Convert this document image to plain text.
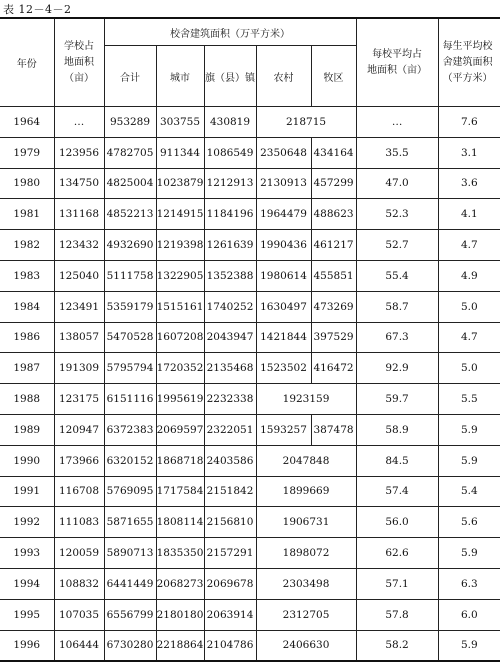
表 12－4－2
年份	学校占
地面积
（亩）	校舍建筑面积（万平方米）					每校平均占
地面积（亩）	每生平均校
舍建筑面积
（平方米）

		合计	城市	旗（县）镇	农村	牧区		
1964	…	953289	303755	430819	218715		…	7.6
1979	123956	4782705	911344	1086549	2350648	434164	35.5	3.1
1980	134750	4825004	1023879	1212913	2130913	457299	47.0	3.6
1981	131168	4852213	1214915	1184196	1964479	488623	52.3	4.1
1982	123432	4932690	1219398	1261639	1990436	461217	52.7	4.7
1983	125040	5111758	1322905	1352388	1980614	455851	55.4	4.9
1984	123491	5359179	1515161	1740252	1630497	473269	58.7	5.0
1986	138057	5470528	1607208	2043947	1421844	397529	67.3	4.7
1987	191309	5795794	1720352	2135468	1523502	416472	92.9	5.0
1988	123175	6151116	1995619	2232338	1923159		59.7	5.5
1989	120947	6372383	2069597	2322051	1593257	387478	58.9	5.9
1990	173966	6320152	1868718	2403586	2047848		84.5	5.9
1991	116708	5769095	1717584	2151842	1899669		57.4	5.4
1992	111083	5871655	1808114	2156810	1906731		56.0	5.6
1993	120059	5890713	1835350	2157291	1898072		62.6	5.9
1994	108832	6441449	2068273	2069678	2303498		57.1	6.3
1995	107035	6556799	2180180	2063914	2312705		57.8	6.0
1996	106444	6730280	2218864	2104786	2406630		58.2	5.9
